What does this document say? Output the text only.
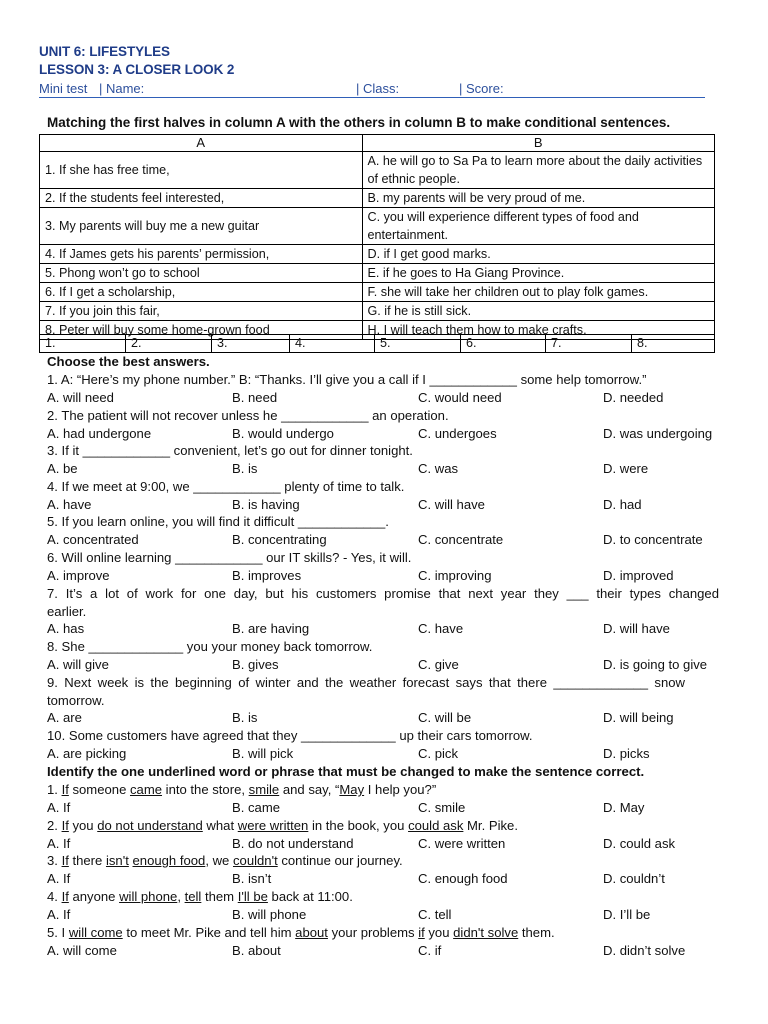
UNIT 6: LIFESTYLES
LESSON 3: A CLOSER LOOK 2
Mini test | Name:	| Class:	| Score:
Matching the first halves in column A with the others in column B to make conditional sentences.
A	B
1. If she has free time,	A. he will go to Sa Pa to learn more about the daily activities of ethnic people.
2. If the students feel interested,	B. my parents will be very proud of me.
3. My parents will buy me a new guitar	C. you will experience different types of food and entertainment.
4. If James gets his parents’ permission,	D. if I get good marks.
5. Phong won’t go to school	E. if he goes to Ha Giang Province.
6. If I get a scholarship,	F. she will take her children out to play folk games.
7. If you join this fair,	G. if he is still sick.
8. Peter will buy some home-grown food	H. I will teach them how to make crafts.
1.	2.	3.	4.	5.	6.	7.	8.
Choose the best answers.
1. A: “Here’s my phone number.” B: “Thanks. I’ll give you a call if I ____________ some help tomorrow.”
A. will need	B. need	C. would need	D. needed
2. The patient will not recover unless he ____________ an operation.
A. had undergone	B. would undergo	C. undergoes	D. was undergoing
3. If it ____________ convenient, let’s go out for dinner tonight.
A. be	B. is	C. was	D. were
4. If we meet at 9:00, we ____________ plenty of time to talk.
A. have	B. is having	C. will have	D. had
5. If you learn online, you will find it difficult ____________.
A. concentrated	B. concentrating	C. concentrate	D. to concentrate
6. Will online learning ____________ our IT skills? - Yes, it will.
A. improve	B. improves	C. improving	D. improved
7. It’s a lot of work for one day, but his customers promise that next year they ___ their types changed
earlier.
A. has	B. are having	C. have	D. will have
8. She _____________ you your money back tomorrow.
A. will give	B. gives	C. give	D. is going to give
9. Next week is the beginning of winter and the weather forecast says that there _____________ snow
tomorrow.
A. are	B. is	C. will be	D. will being
10. Some customers have agreed that they _____________ up their cars tomorrow.
A. are picking	B. will pick	C. pick	D. picks
Identify the one underlined word or phrase that must be changed to make the sentence correct.
1. If someone came into the store, smile and say, “May I help you?”
A. If	B. came	C. smile	D. May
2. If you do not understand what were written in the book, you could ask Mr. Pike.
A. If	B. do not understand	C. were written	D. could ask
3. If there isn't enough food, we couldn't continue our journey.
A. If	B. isn’t	C. enough food	D. couldn’t
4. If anyone will phone, tell them I'll be back at 11:00.
A. If	B. will phone	C. tell	D. I’ll be
5. I will come to meet Mr. Pike and tell him about your problems if you didn't solve them.
A. will come	B. about	C. if	D. didn’t solve
